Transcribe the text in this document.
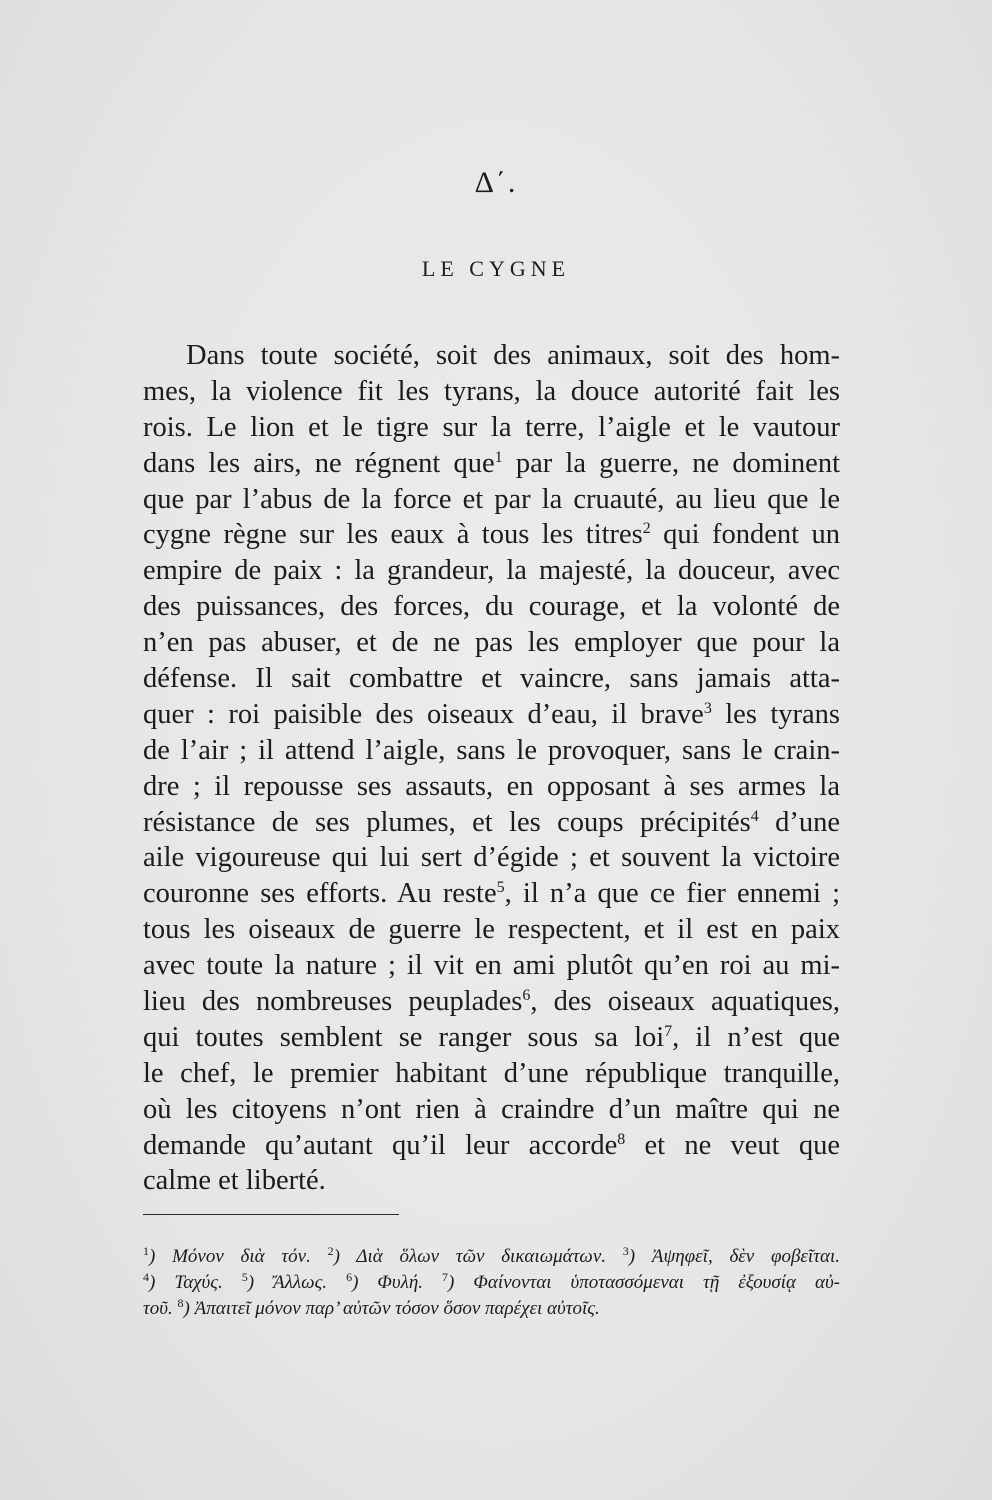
Δ΄.
LE CYGNE
Dans toute société, soit des animaux, soit des hom-
mes, la violence fit les tyrans, la douce autorité fait les
rois. Le lion et le tigre sur la terre, l’aigle et le vautour
dans les airs, ne régnent que$^1$ par la guerre, ne dominent
que par l’abus de la force et par la cruauté, au lieu que le
cygne règne sur les eaux à tous les titres$^2$ qui fondent un
empire de paix : la grandeur, la majesté, la douceur, avec
des puissances, des forces, du courage, et la volonté de
n’en pas abuser, et de ne pas les employer que pour la
défense. Il sait combattre et vaincre, sans jamais atta-
quer : roi paisible des oiseaux d’eau, il brave$^3$ les tyrans
de l’air ; il attend l’aigle, sans le provoquer, sans le crain-
dre ; il repousse ses assauts, en opposant à ses armes la
résistance de ses plumes, et les coups précipités$^4$ d’une
aile vigoureuse qui lui sert d’égide ; et souvent la victoire
couronne ses efforts. Au reste$^5$, il n’a que ce fier ennemi ;
tous les oiseaux de guerre le respectent, et il est en paix
avec toute la nature ; il vit en ami plutôt qu’en roi au mi-
lieu des nombreuses peuplades$^6$, des oiseaux aquatiques,
qui toutes semblent se ranger sous sa loi$^7$, il n’est que
le chef, le premier habitant d’une république tranquille,
où les citoyens n’ont rien à craindre d’un maître qui ne
demande qu’autant qu’il leur accorde$^8$ et ne veut que
calme et liberté.
$^1$) Μόνον διὰ τόν. $^2$) Διὰ ὅλων τῶν δικαιωμάτων. $^3$) Ἀψηφεῖ, δὲν φοβεῖται.
$^4$) Ταχύς. $^5$) Ἄλλως. $^6$) Φυλή. $^7$) Φαίνονται ὑποτασσόμεναι τῇ ἐξουσίᾳ αὐ-
τοῦ. $^8$) Ἀπαιτεῖ μόνον παρ’ αὐτῶν τόσον ὅσον παρέχει αὐτοῖς.
